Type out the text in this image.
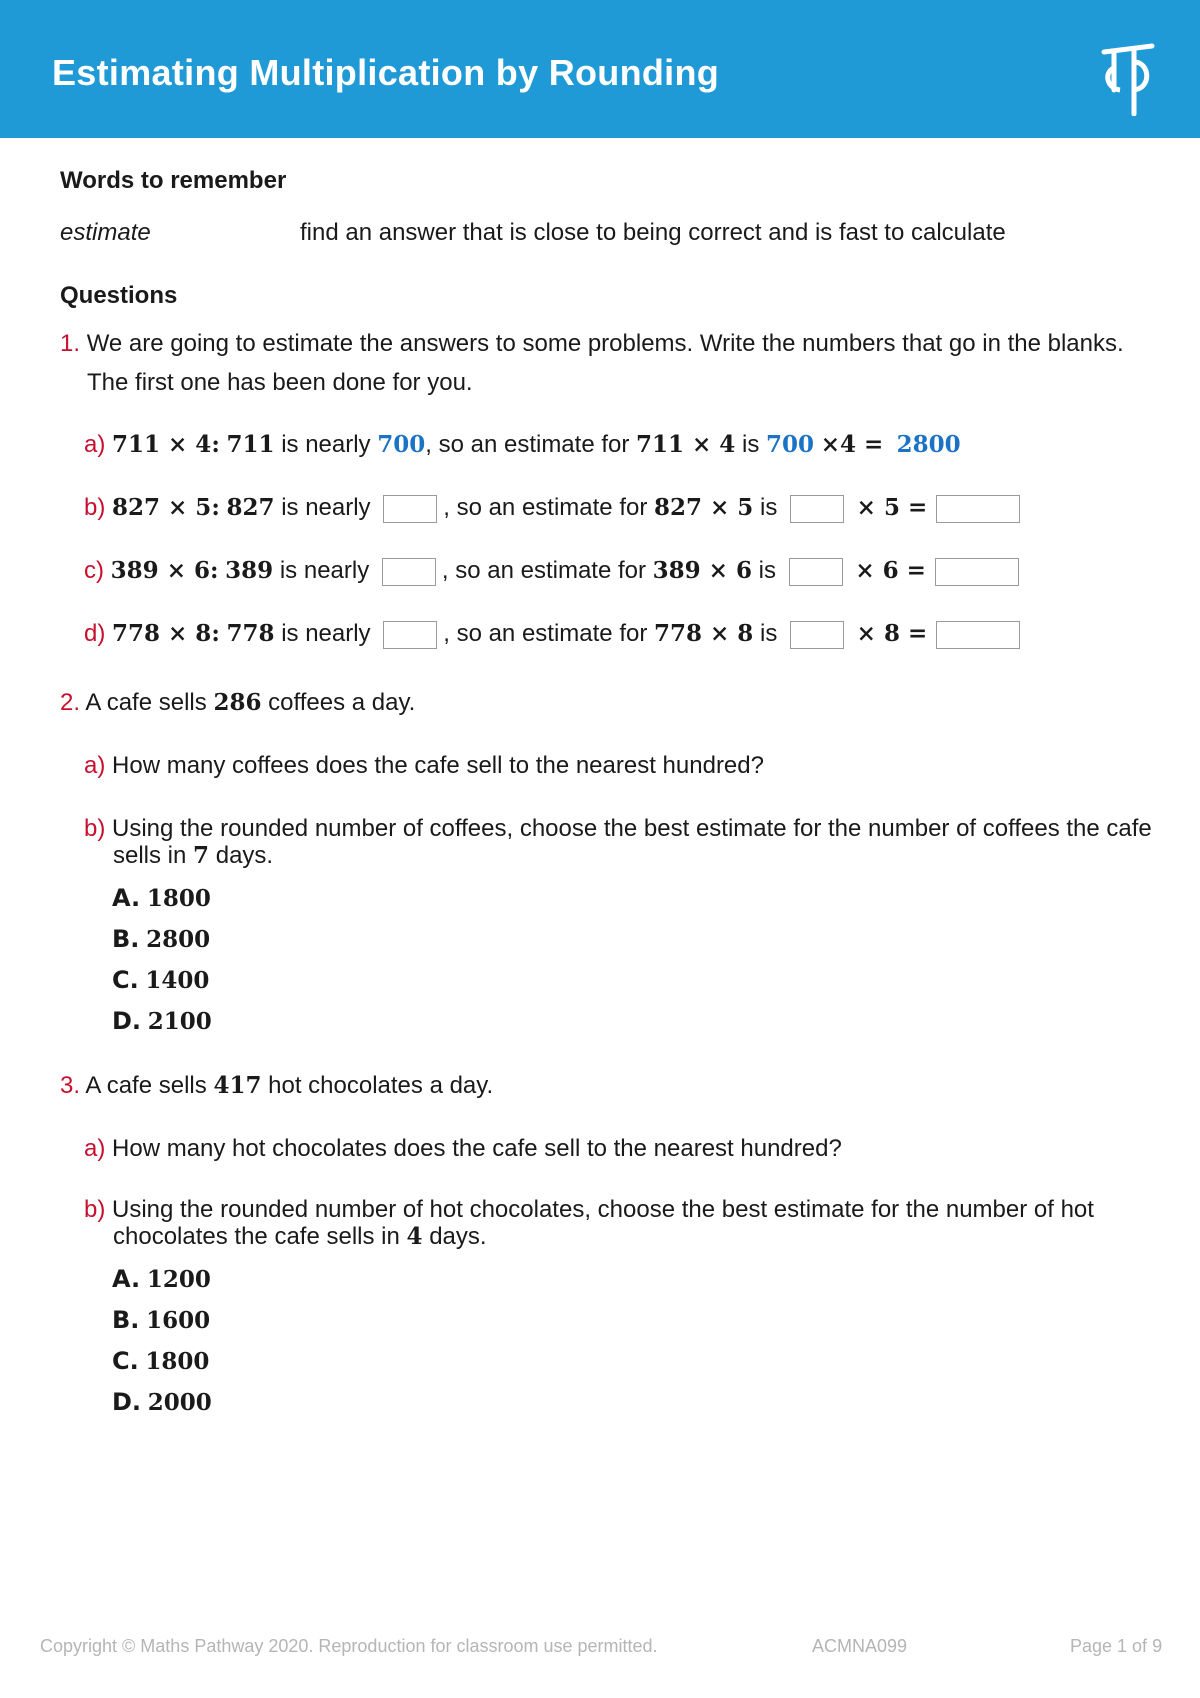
Estimating Multiplication by Rounding
Words to remember
estimate	find an answer that is close to being correct and is fast to calculate
Questions
1. We are going to estimate the answers to some problems. Write the numbers that go in the blanks.
The first one has been done for you.
a) 711 × 4: 711 is nearly 700, so an estimate for 711 × 4 is 700 ×4 = 2800
b) 827 × 5: 827 is nearly	, so an estimate for 827 × 5 is	× 5 =
c) 389 × 6: 389 is nearly	, so an estimate for 389 × 6 is	× 6 =
d) 778 × 8: 778 is nearly	, so an estimate for 778 × 8 is	× 8 =
2. A cafe sells 286 coffees a day.
a) How many coffees does the cafe sell to the nearest hundred?
b) Using the rounded number of coffees, choose the best estimate for the number of coffees the cafe
sells in 7 days.
A. 1800
B. 2800
C. 1400
D. 2100
3. A cafe sells 417 hot chocolates a day.
a) How many hot chocolates does the cafe sell to the nearest hundred?
b) Using the rounded number of hot chocolates, choose the best estimate for the number of hot
chocolates the cafe sells in 4 days.
A. 1200
B. 1600
C. 1800
D. 2000
Copyright © Maths Pathway 2020. Reproduction for classroom use permitted.	ACMNA099	Page 1 of 9
